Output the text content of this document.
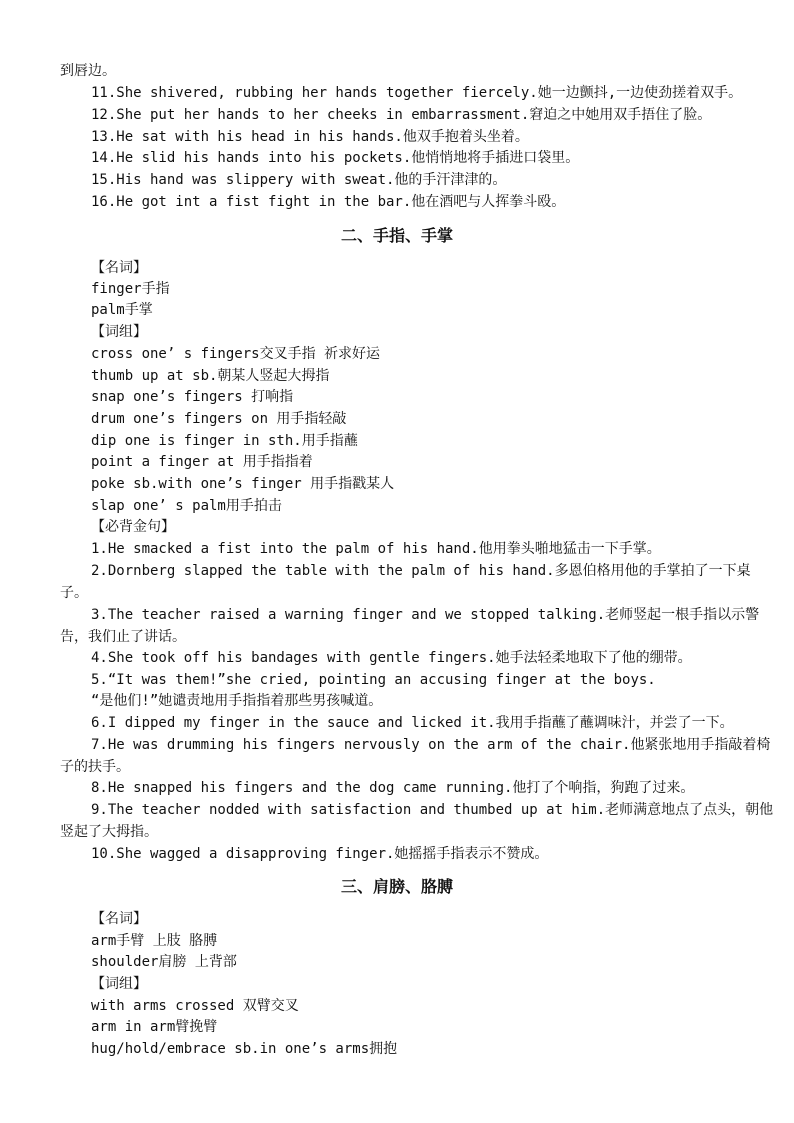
到唇边。
11.She shivered, rubbing her hands together fiercely.她一边颤抖,一边使劲搓着双手。
12.She put her hands to her cheeks in embarrassment.窘迫之中她用双手捂住了脸。
13.He sat with his head in his hands.他双手抱着头坐着。
14.He slid his hands into his pockets.他悄悄地将手插进口袋里。
15.His hand was slippery with sweat.他的手汗津津的。
16.He got int a fist fight in the bar.他在酒吧与人挥拳斗殴。
二、手指、手掌
【名词】
finger手指
palm手掌
【词组】
cross one’ s fingers交叉手指 祈求好运
thumb up at sb.朝某人竖起大拇指
snap one’s fingers 打响指
drum one’s fingers on 用手指轻敲
dip one is finger in sth.用手指蘸
point a finger at 用手指指着
poke sb.with one’s finger 用手指戳某人
slap one’ s palm用手拍击
【必背金句】
1.He smacked a fist into the palm of his hand.他用拳头啪地猛击一下手掌。
2.Dornberg slapped the table with the palm of his hand.多恩伯格用他的手掌拍了一下桌
子。
3.The teacher raised a warning finger and we stopped talking.老师竖起一根手指以示警
告，我们止了讲话。
4.She took off his bandages with gentle fingers.她手法轻柔地取下了他的绷带。
5.“It was them!”she cried, pointing an accusing finger at the boys.
“是他们!”她谴责地用手指指着那些男孩喊道。
6.I dipped my finger in the sauce and licked it.我用手指蘸了蘸调味汁，并尝了一下。
7.He was drumming his fingers nervously on the arm of the chair.他紧张地用手指敲着椅
子的扶手。
8.He snapped his fingers and the dog came running.他打了个响指，狗跑了过来。
9.The teacher nodded with satisfaction and thumbed up at him.老师满意地点了点头，朝他
竖起了大拇指。
10.She wagged a disapproving finger.她摇摇手指表示不赞成。
三、肩膀、胳膊
【名词】
arm手臂 上肢 胳膊
shoulder肩膀 上背部
【词组】
with arms crossed 双臂交叉
arm in arm臂挽臂
hug/hold/embrace sb.in one’s arms拥抱
